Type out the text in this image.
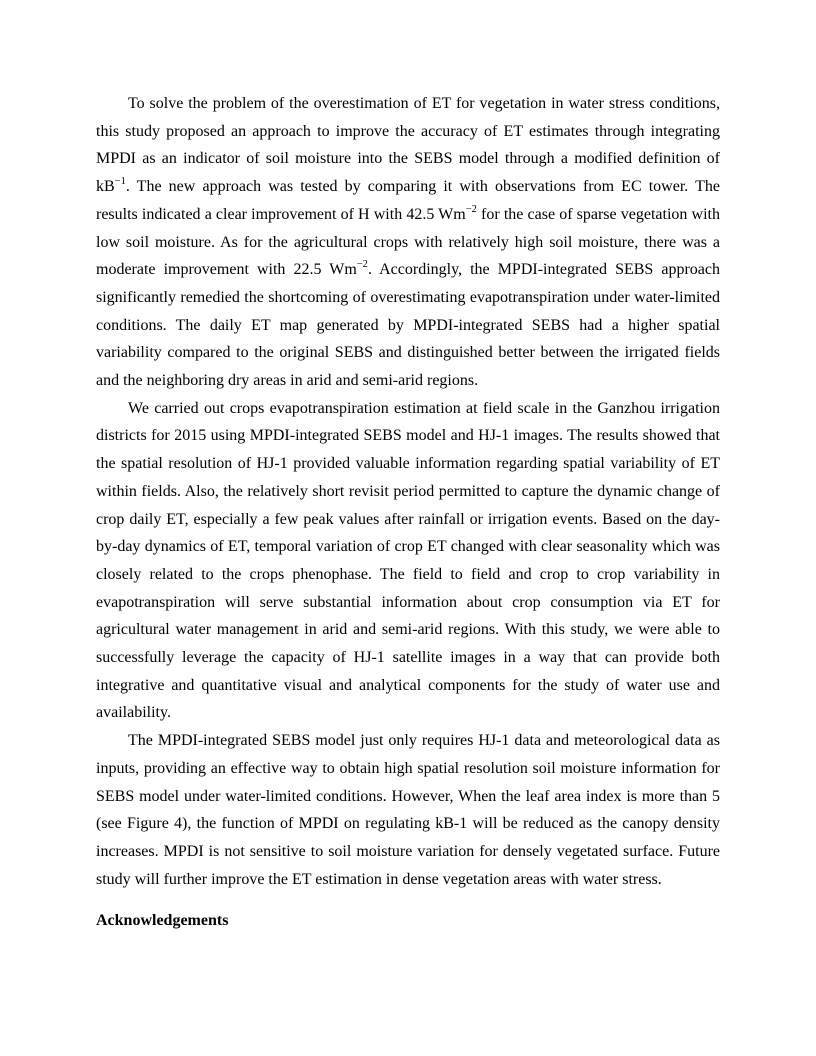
To solve the problem of the overestimation of ET for vegetation in water stress conditions, this study proposed an approach to improve the accuracy of ET estimates through integrating MPDI as an indicator of soil moisture into the SEBS model through a modified definition of $kB^{-1}$. The new approach was tested by comparing it with observations from EC tower. The results indicated a clear improvement of H with 42.5 $Wm^{-2}$ for the case of sparse vegetation with low soil moisture. As for the agricultural crops with relatively high soil moisture, there was a moderate improvement with 22.5 $Wm^{-2}$. Accordingly, the MPDI-integrated SEBS approach significantly remedied the shortcoming of overestimating evapotranspiration under water-limited conditions. The daily ET map generated by MPDI-integrated SEBS had a higher spatial variability compared to the original SEBS and distinguished better between the irrigated fields and the neighboring dry areas in arid and semi-arid regions.

We carried out crops evapotranspiration estimation at field scale in the Ganzhou irrigation districts for 2015 using MPDI-integrated SEBS model and HJ-1 images. The results showed that the spatial resolution of HJ-1 provided valuable information regarding spatial variability of ET within fields. Also, the relatively short revisit period permitted to capture the dynamic change of crop daily ET, especially a few peak values after rainfall or irrigation events. Based on the day-by-day dynamics of ET, temporal variation of crop ET changed with clear seasonality which was closely related to the crops phenophase. The field to field and crop to crop variability in evapotranspiration will serve substantial information about crop consumption via ET for agricultural water management in arid and semi-arid regions. With this study, we were able to successfully leverage the capacity of HJ-1 satellite images in a way that can provide both integrative and quantitative visual and analytical components for the study of water use and availability.

The MPDI-integrated SEBS model just only requires HJ-1 data and meteorological data as inputs, providing an effective way to obtain high spatial resolution soil moisture information for SEBS model under water-limited conditions. However, When the leaf area index is more than 5 (see Figure 4), the function of MPDI on regulating kB-1 will be reduced as the canopy density increases. MPDI is not sensitive to soil moisture variation for densely vegetated surface. Future study will further improve the ET estimation in dense vegetation areas with water stress.

Acknowledgements
